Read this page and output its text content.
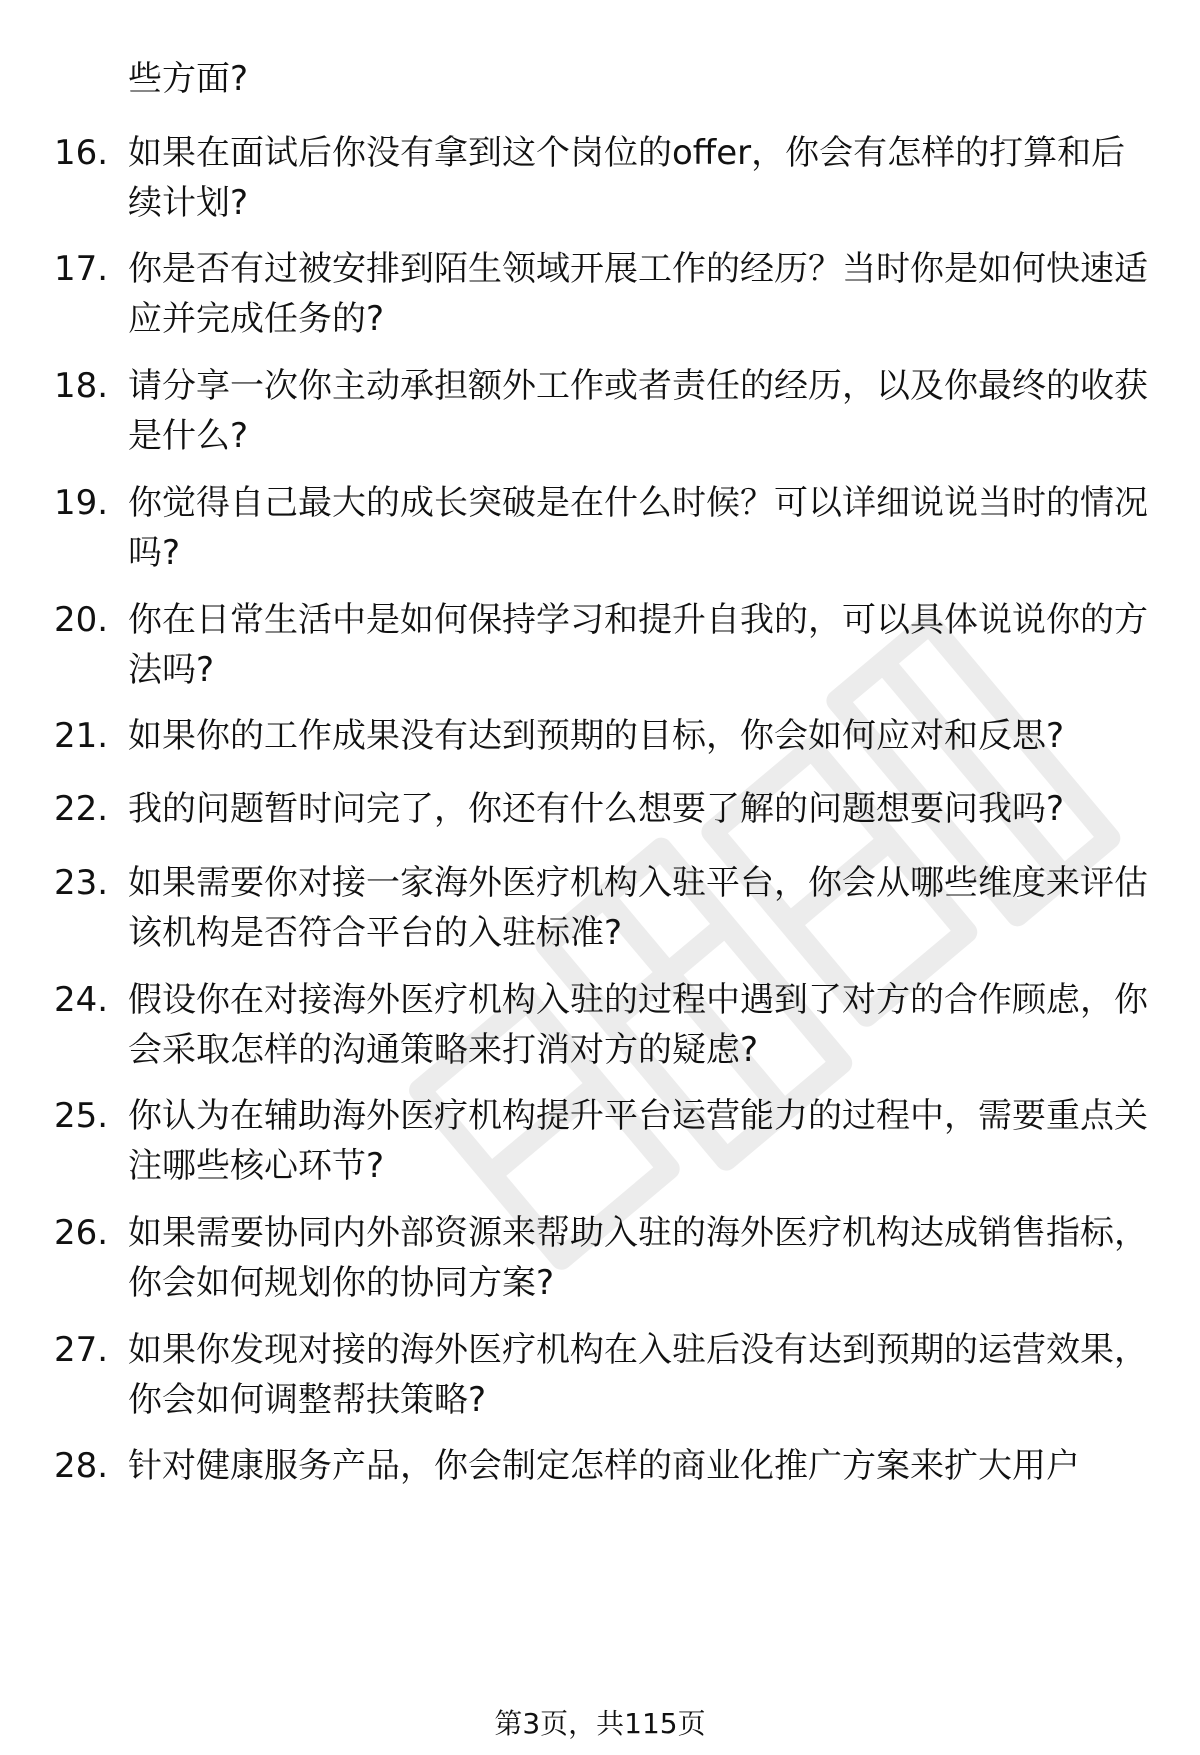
些方面?
16. 如果在面试后你没有拿到这个岗位的offer，你会有怎样的打算和后续计划?
17. 你是否有过被安排到陌生领域开展工作的经历？当时你是如何快速适应并完成任务的?
18. 请分享一次你主动承担额外工作或者责任的经历，以及你最终的收获是什么?
19. 你觉得自己最大的成长突破是在什么时候？可以详细说说当时的情况吗?
20. 你在日常生活中是如何保持学习和提升自我的，可以具体说说你的方法吗?
21. 如果你的工作成果没有达到预期的目标，你会如何应对和反思?
22. 我的问题暂时问完了，你还有什么想要了解的问题想要问我吗?
23. 如果需要你对接一家海外医疗机构入驻平台，你会从哪些维度来评估该机构是否符合平台的入驻标准?
24. 假设你在对接海外医疗机构入驻的过程中遇到了对方的合作顾虑，你会采取怎样的沟通策略来打消对方的疑虑?
25. 你认为在辅助海外医疗机构提升平台运营能力的过程中，需要重点关注哪些核心环节?
26. 如果需要协同内外部资源来帮助入驻的海外医疗机构达成销售指标，你会如何规划你的协同方案?
27. 如果你发现对接的海外医疗机构在入驻后没有达到预期的运营效果，你会如何调整帮扶策略?
28. 针对健康服务产品，你会制定怎样的商业化推广方案来扩大用户
第3页，共115页
